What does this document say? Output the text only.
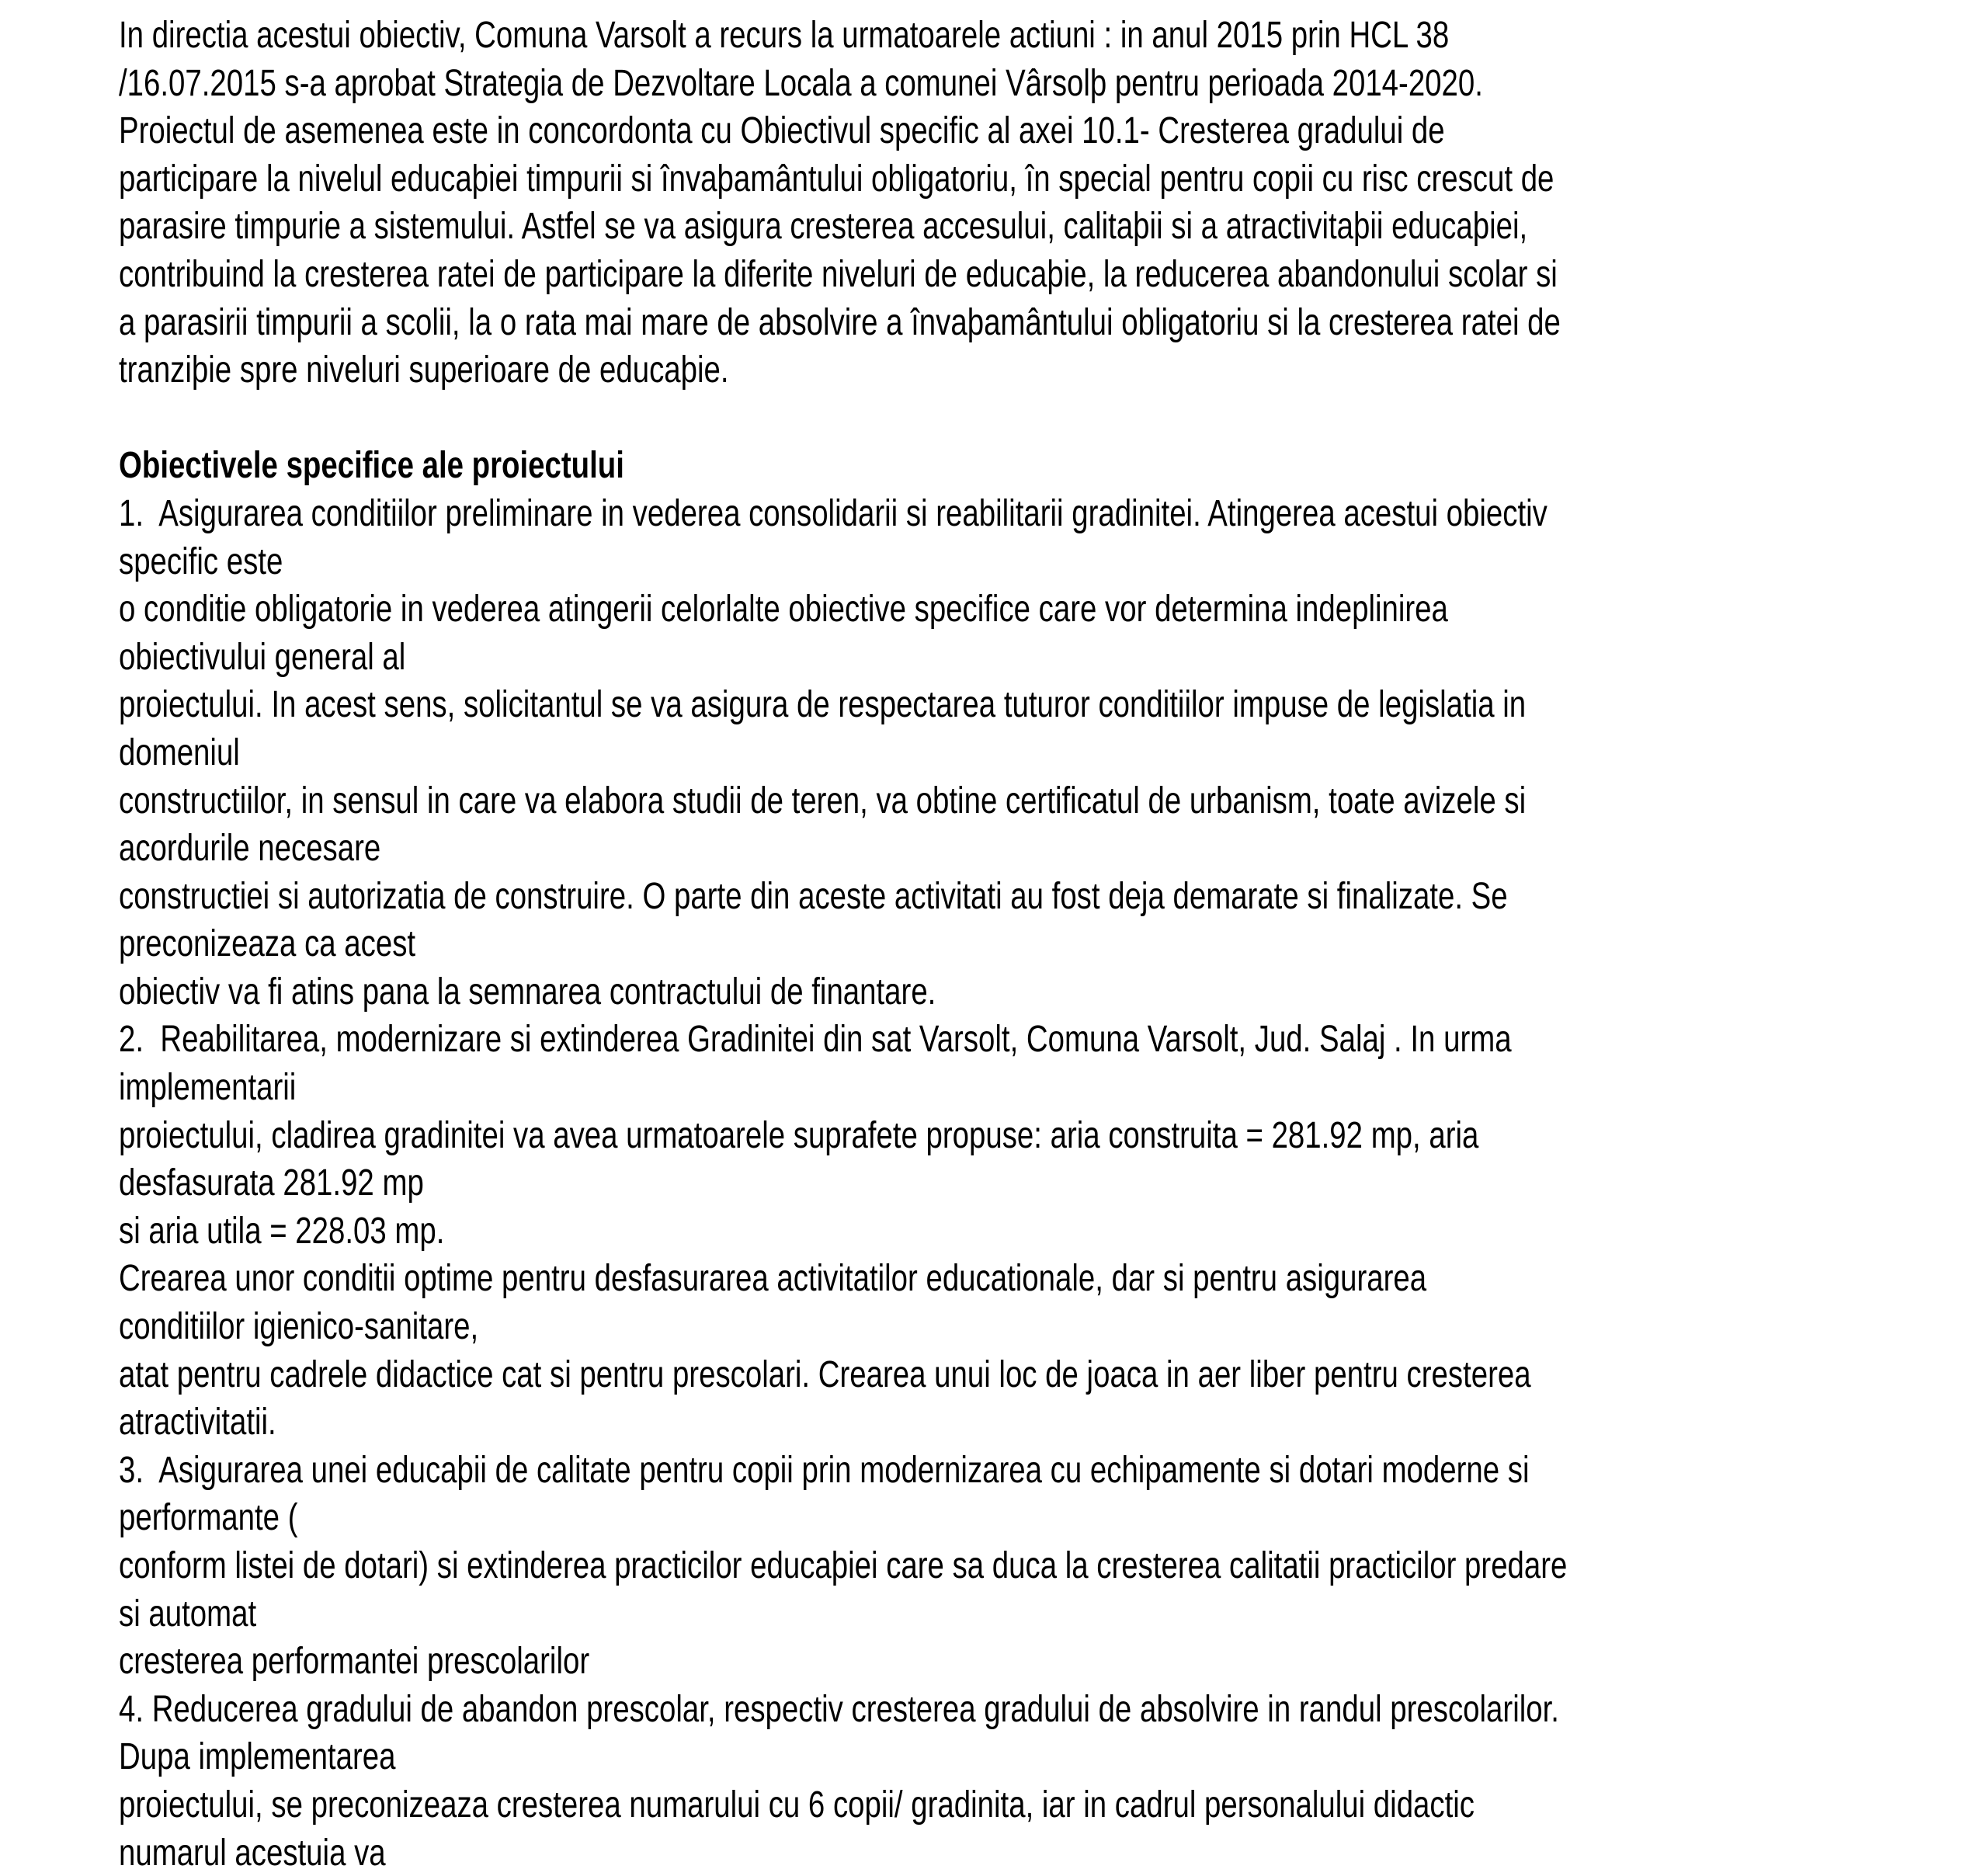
In directia acestui obiectiv, Comuna Varsolt a recurs la urmatoarele actiuni : in anul 2015 prin HCL 38
/16.07.2015 s-a aprobat Strategia de Dezvoltare Locala a comunei Vârsolþ pentru perioada 2014-2020.
Proiectul de asemenea este in concordonta cu Obiectivul specific al axei 10.1- Cresterea gradului de
participare la nivelul educaþiei timpurii si învaþamântului obligatoriu, în special pentru copii cu risc crescut de
parasire timpurie a sistemului. Astfel se va asigura cresterea accesului, calitaþii si a atractivitaþii educaþiei,
contribuind la cresterea ratei de participare la diferite niveluri de educaþie, la reducerea abandonului scolar si
a parasirii timpurii a scolii, la o rata mai mare de absolvire a învaþamântului obligatoriu si la cresterea ratei de
tranziþie spre niveluri superioare de educaþie.
Obiectivele specifice ale proiectului
1.  Asigurarea conditiilor preliminare in vederea consolidarii si reabilitarii gradinitei. Atingerea acestui obiectiv
specific este
o conditie obligatorie in vederea atingerii celorlalte obiective specifice care vor determina indeplinirea
obiectivului general al
proiectului. In acest sens, solicitantul se va asigura de respectarea tuturor conditiilor impuse de legislatia in
domeniul
constructiilor, in sensul in care va elabora studii de teren, va obtine certificatul de urbanism, toate avizele si
acordurile necesare
constructiei si autorizatia de construire. O parte din aceste activitati au fost deja demarate si finalizate. Se
preconizeaza ca acest
obiectiv va fi atins pana la semnarea contractului de finantare.
2.  Reabilitarea, modernizare si extinderea Gradinitei din sat Varsolt, Comuna Varsolt, Jud. Salaj . In urma
implementarii
proiectului, cladirea gradinitei va avea urmatoarele suprafete propuse: aria construita = 281.92 mp, aria
desfasurata 281.92 mp
si aria utila = 228.03 mp.
Crearea unor conditii optime pentru desfasurarea activitatilor educationale, dar si pentru asigurarea
conditiilor igienico-sanitare,
atat pentru cadrele didactice cat si pentru prescolari. Crearea unui loc de joaca in aer liber pentru cresterea
atractivitatii.
3.  Asigurarea unei educaþii de calitate pentru copii prin modernizarea cu echipamente si dotari moderne si
performante (
conform listei de dotari) si extinderea practicilor educaþiei care sa duca la cresterea calitatii practicilor predare
si automat
cresterea performantei prescolarilor
4. Reducerea gradului de abandon prescolar, respectiv cresterea gradului de absolvire in randul prescolarilor.
Dupa implementarea
proiectului, se preconizeaza cresterea numarului cu 6 copii/ gradinita, iar in cadrul personalului didactic
numarul acestuia va
